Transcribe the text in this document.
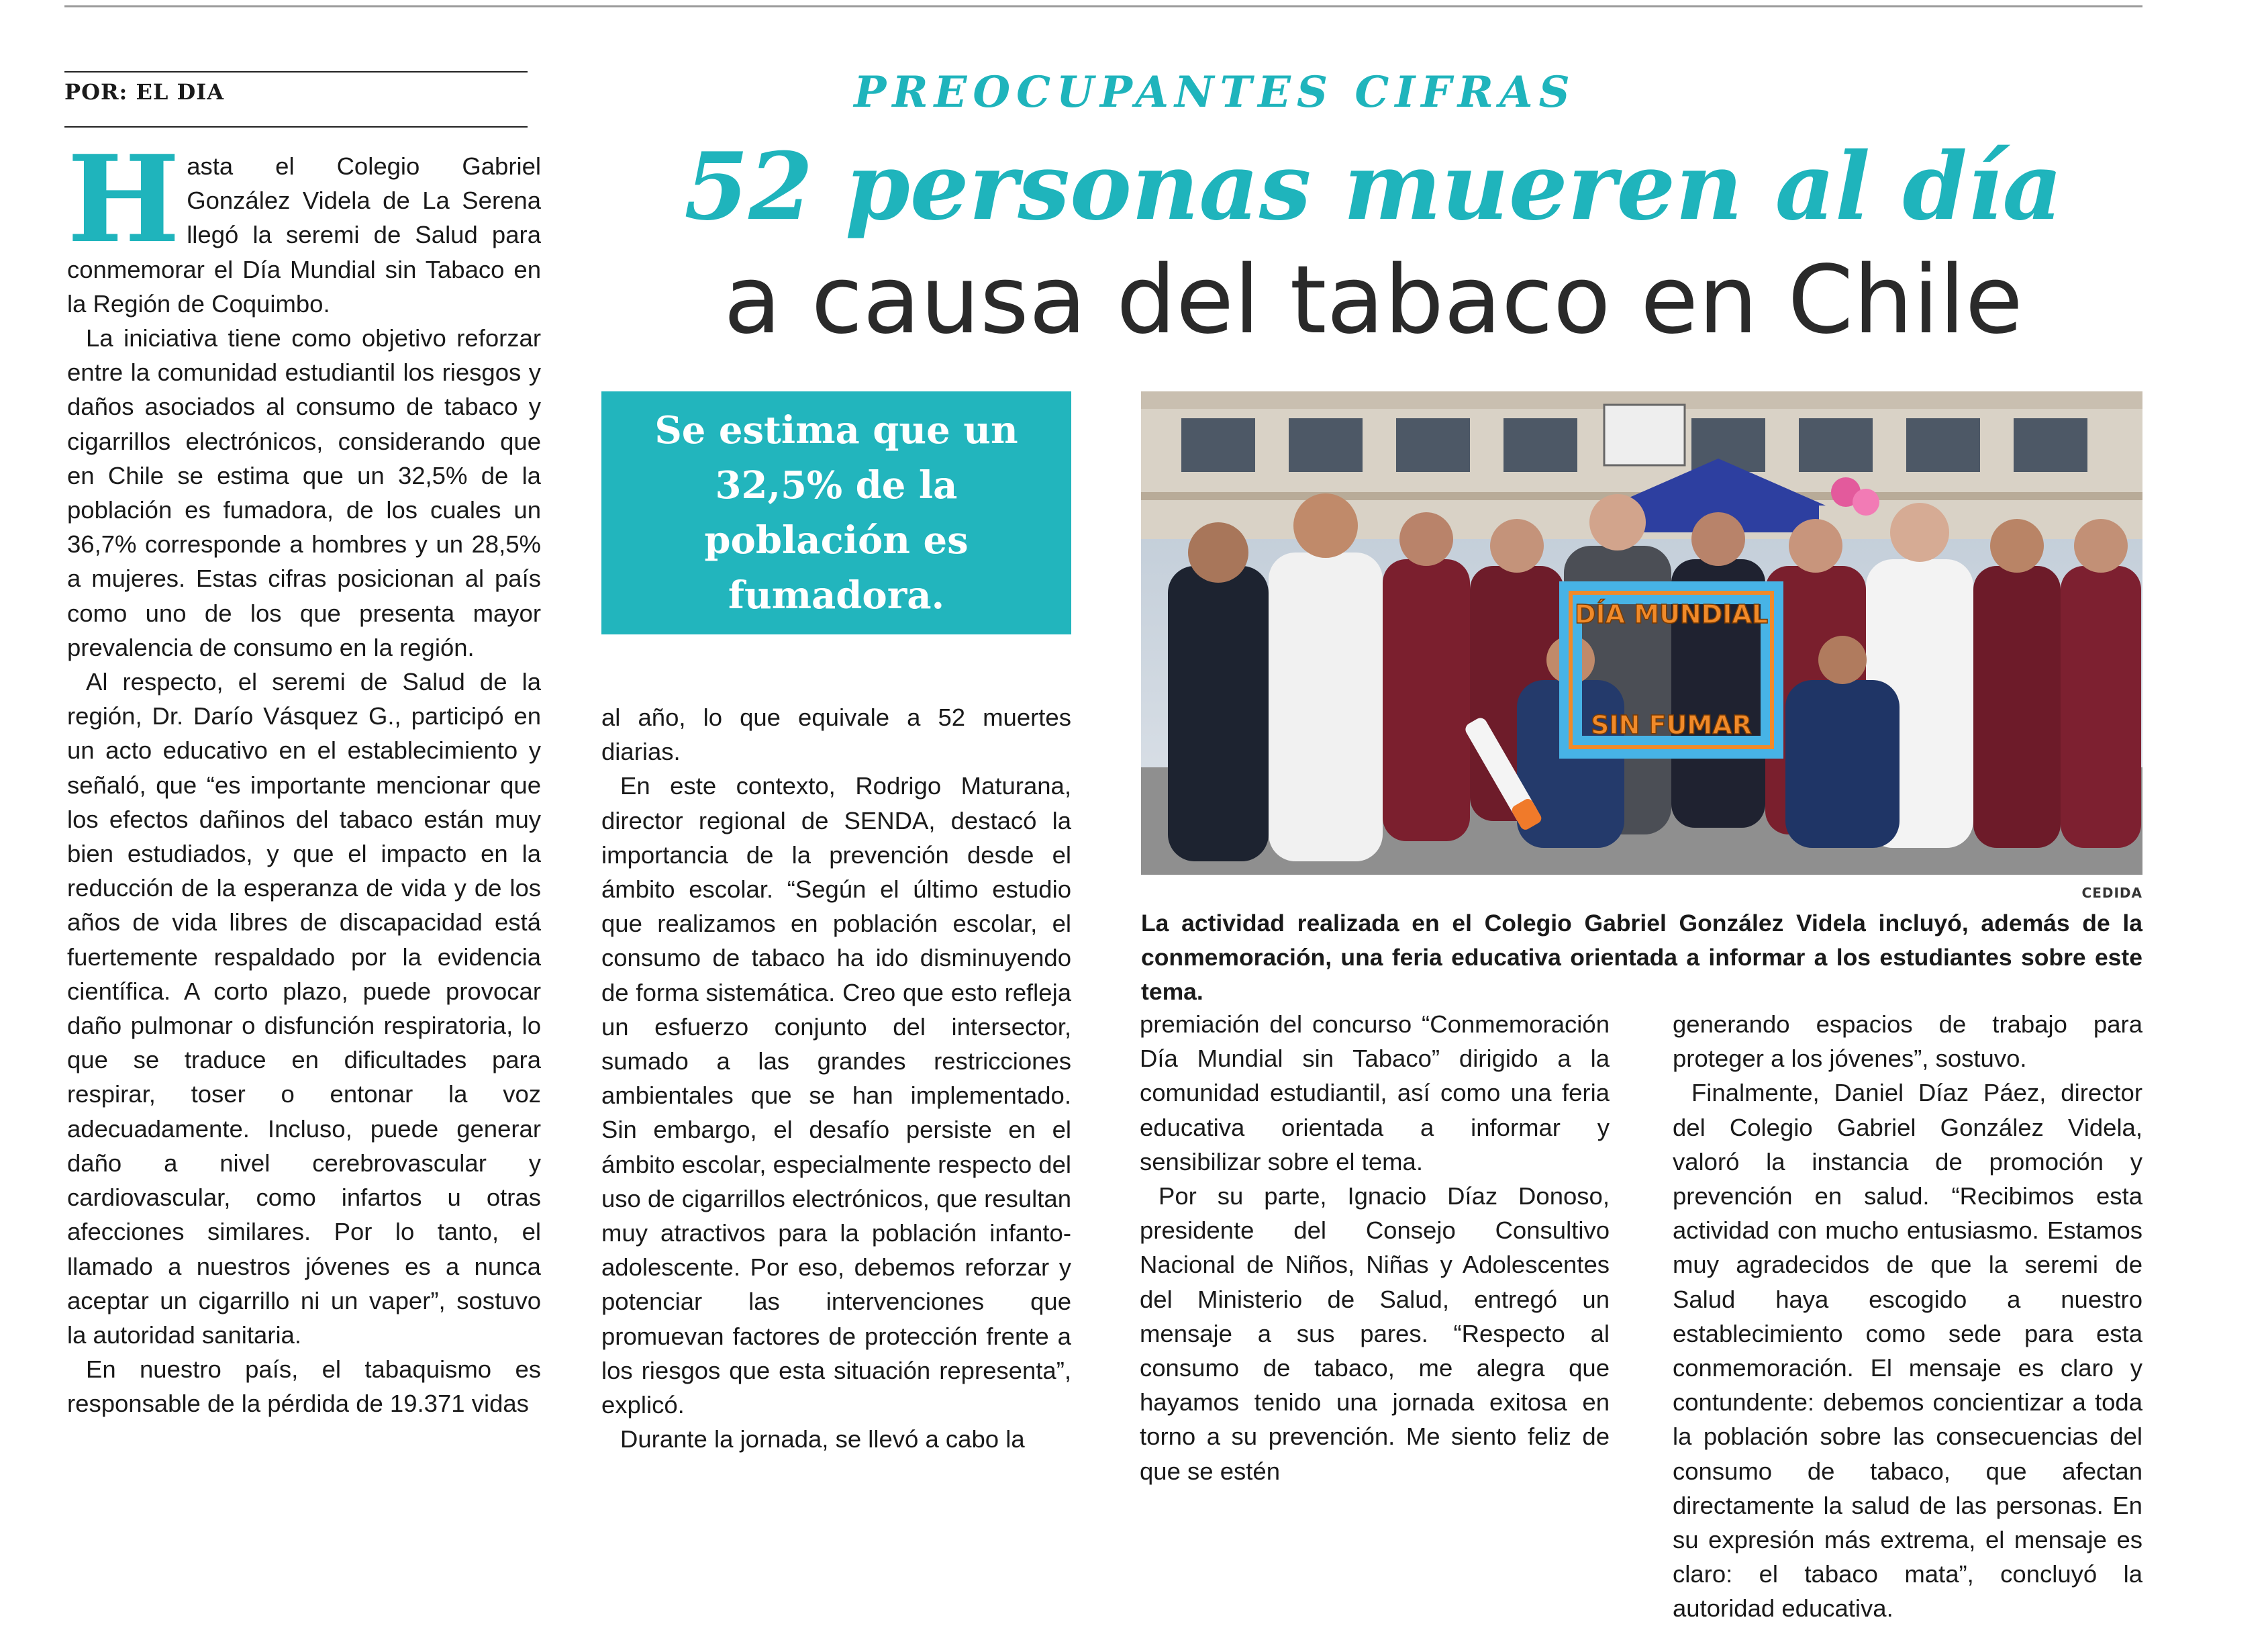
POR: EL DIA	PREOCUPANTES CIFRAS
52 personas mueren al día
a causa del tabaco en Chile

Hasta el Colegio Gabriel González Videla de La Serena llegó la seremi de Salud para conmemorar el Día Mundial sin Tabaco en la Región de Coquimbo.

La iniciativa tiene como objetivo reforzar entre la comunidad estudiantil los riesgos y daños asociados al consumo de tabaco y cigarrillos electrónicos, considerando que en Chile se estima que un 32,5% de la población es fumadora, de los cuales un 36,7% corresponde a hombres y un 28,5% a mujeres. Estas cifras posicionan al país como uno de los que presenta mayor prevalencia de consumo en la región.

Al respecto, el seremi de Salud de la región, Dr. Darío Vásquez G., participó en un acto educativo en el establecimiento y señaló, que “es importante mencionar que los efectos dañinos del tabaco están muy bien estudiados, y que el impacto en la reducción de la esperanza de vida y de los años de vida libres de discapacidad está fuertemente respaldado por la evidencia científica. A corto plazo, puede provocar daño pulmonar o disfunción respiratoria, lo que se traduce en dificultades para respirar, toser o entonar la voz adecuadamente. Incluso, puede generar daño a nivel cerebrovascular y cardiovascular, como infartos u otras afecciones similares. Por lo tanto, el llamado a nuestros jóvenes es a nunca aceptar un cigarrillo ni un vaper”, sostuvo la autoridad sanitaria.

En nuestro país, el tabaquismo es responsable de la pérdida de 19.371 vidas

Se estima que un 32,5% de la población es fumadora.

al año, lo que equivale a 52 muertes diarias.

En este contexto, Rodrigo Maturana, director regional de SENDA, destacó la importancia de la prevención desde el ámbito escolar. “Según el último estudio que realizamos en población escolar, el consumo de tabaco ha ido disminuyendo de forma sistemática. Creo que esto refleja un esfuerzo conjunto del intersector, sumado a las grandes restricciones ambientales que se han implementado. Sin embargo, el desafío persiste en el ámbito escolar, especialmente respecto del uso de cigarrillos electrónicos, que resultan muy atractivos para la población infanto-adolescente. Por eso, debemos reforzar y potenciar las intervenciones que promuevan factores de protección frente a los riesgos que esta situación representa”, explicó.

Durante la jornada, se llevó a cabo la

DÍA MUNDIAL
SIN FUMAR
CEDIDA
La actividad realizada en el Colegio Gabriel González Videla incluyó, además de la conmemoración, una feria educativa orientada a informar a los estudiantes sobre este tema.

premiación del concurso “Conmemoración Día Mundial sin Tabaco” dirigido a la comunidad estudiantil, así como una feria educativa orientada a informar y sensibilizar sobre el tema.

Por su parte, Ignacio Díaz Donoso, presidente del Consejo Consultivo Nacional de Niños, Niñas y Adolescentes del Ministerio de Salud, entregó un mensaje a sus pares. “Respecto al consumo de tabaco, me alegra que hayamos tenido una jornada exitosa en torno a su prevención. Me siento feliz de que se estén

generando espacios de trabajo para proteger a los jóvenes”, sostuvo.

Finalmente, Daniel Díaz Páez, director del Colegio Gabriel González Videla, valoró la instancia de promoción y prevención en salud. “Recibimos esta actividad con mucho entusiasmo. Estamos muy agradecidos de que la seremi de Salud haya escogido a nuestro establecimiento como sede para esta conmemoración. El mensaje es claro y contundente: debemos concientizar a toda la población sobre las consecuencias del consumo de tabaco, que afectan directamente la salud de las personas. En su expresión más extrema, el mensaje es claro: el tabaco mata”, concluyó la autoridad educativa.
